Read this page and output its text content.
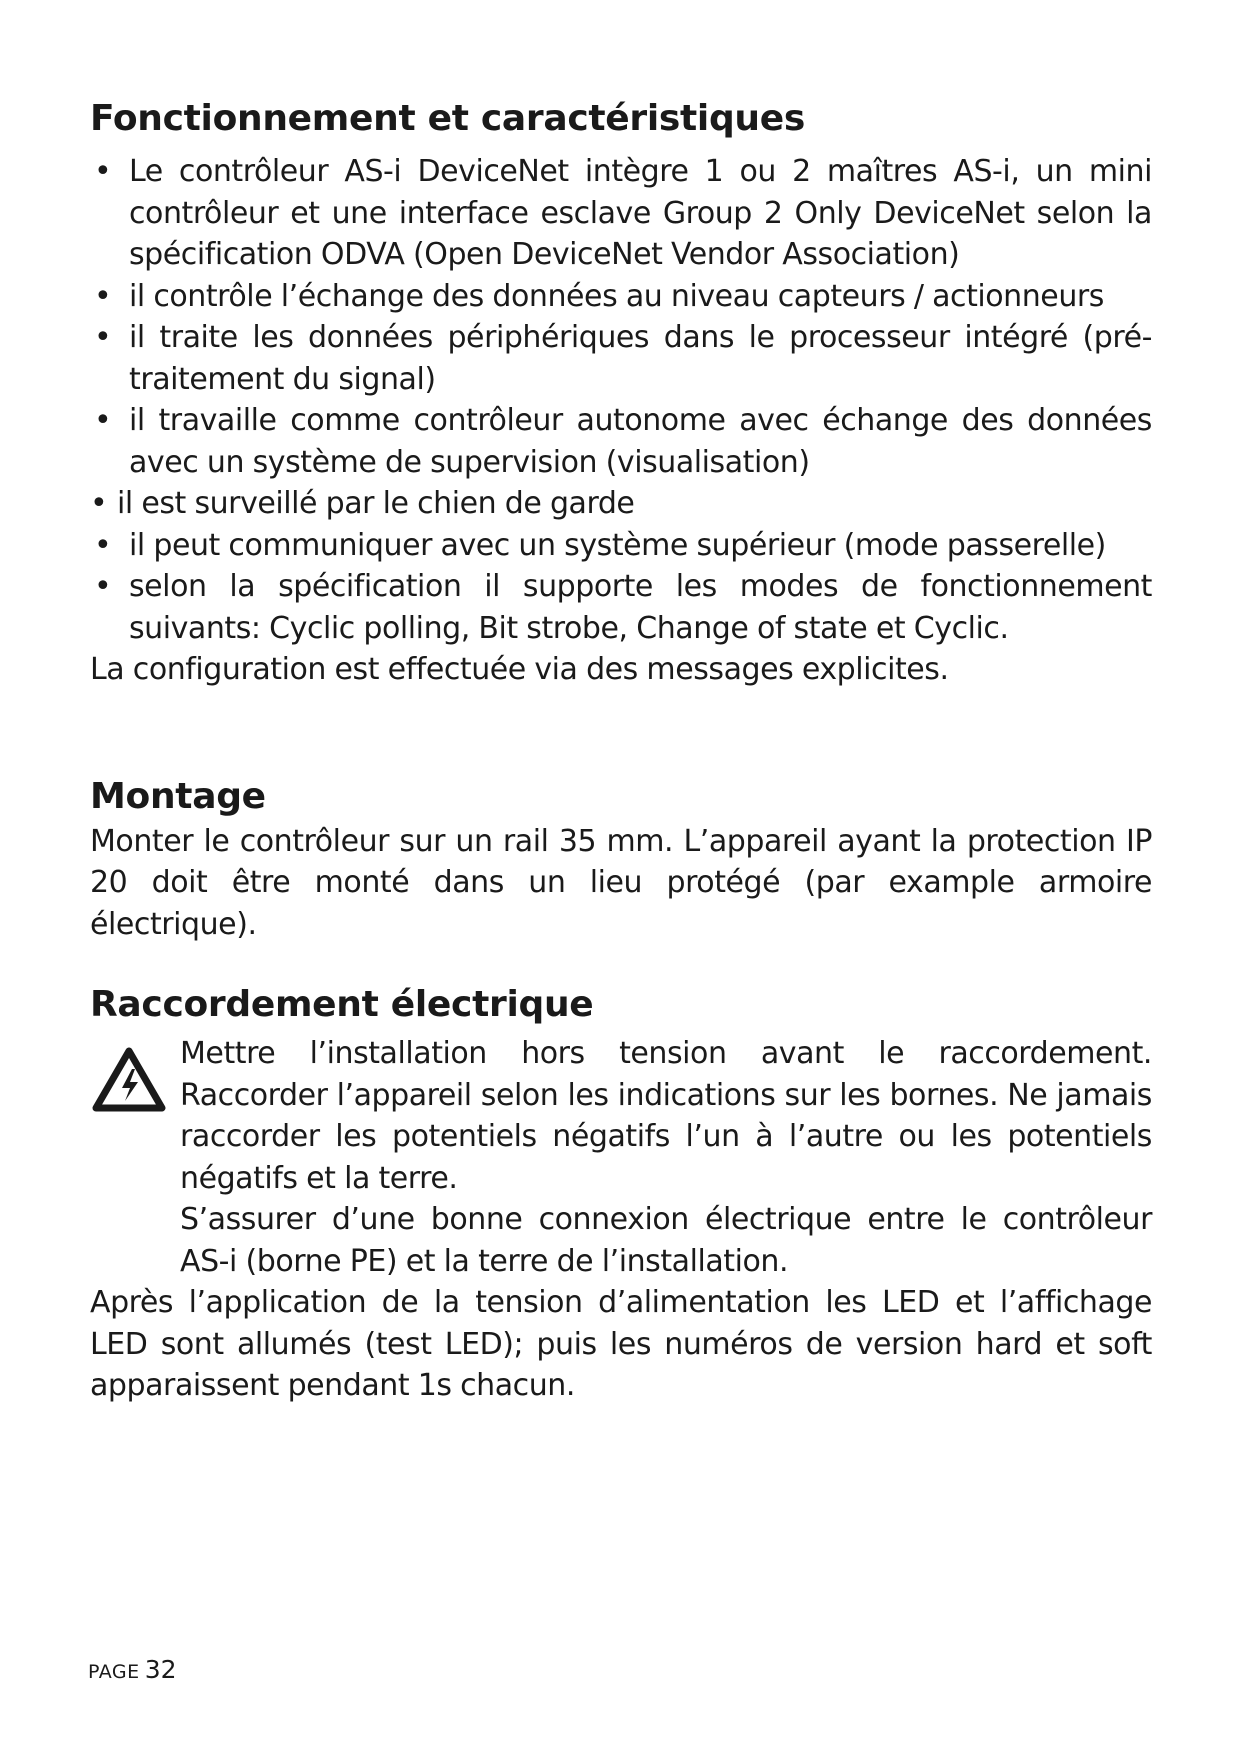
Fonctionnement et caractéristiques
• Le contrôleur AS-i DeviceNet intègre 1 ou 2 maîtres AS-i, un mini contrôleur et une interface esclave Group 2 Only DeviceNet selon la spécification ODVA (Open DeviceNet Vendor Association)
• il contrôle l’échange des données au niveau capteurs / actionneurs
• il traite les données périphériques dans le processeur intégré (pré-traitement du signal)
• il travaille comme contrôleur autonome avec échange des données avec un système de supervision (visualisation)
• il est surveillé par le chien de garde
• il peut communiquer avec un système supérieur (mode passerelle)
• selon la spécification il supporte les modes de fonctionnement suivants: Cyclic polling, Bit strobe, Change of state et Cyclic.

La configuration est effectuée via des messages explicites.

Montage

Monter le contrôleur sur un rail 35 mm. L’appareil ayant la protection IP 20 doit être monté dans un lieu protégé (par example armoire électrique).

Raccordement électrique

Mettre l’installation hors tension avant le raccordement. Raccorder l’appareil selon les indications sur les bornes. Ne jamais raccorder les potentiels négatifs l’un à l’autre ou les potentiels négatifs et la terre.

S’assurer d’une bonne connexion électrique entre le contrôleur AS-i (borne PE) et la terre de l’installation.

Après l’application de la tension d’alimentation les LED et l’affichage LED sont allumés (test LED); puis les numéros de version hard et soft apparaissent pendant 1s chacun.

PAGE 32
